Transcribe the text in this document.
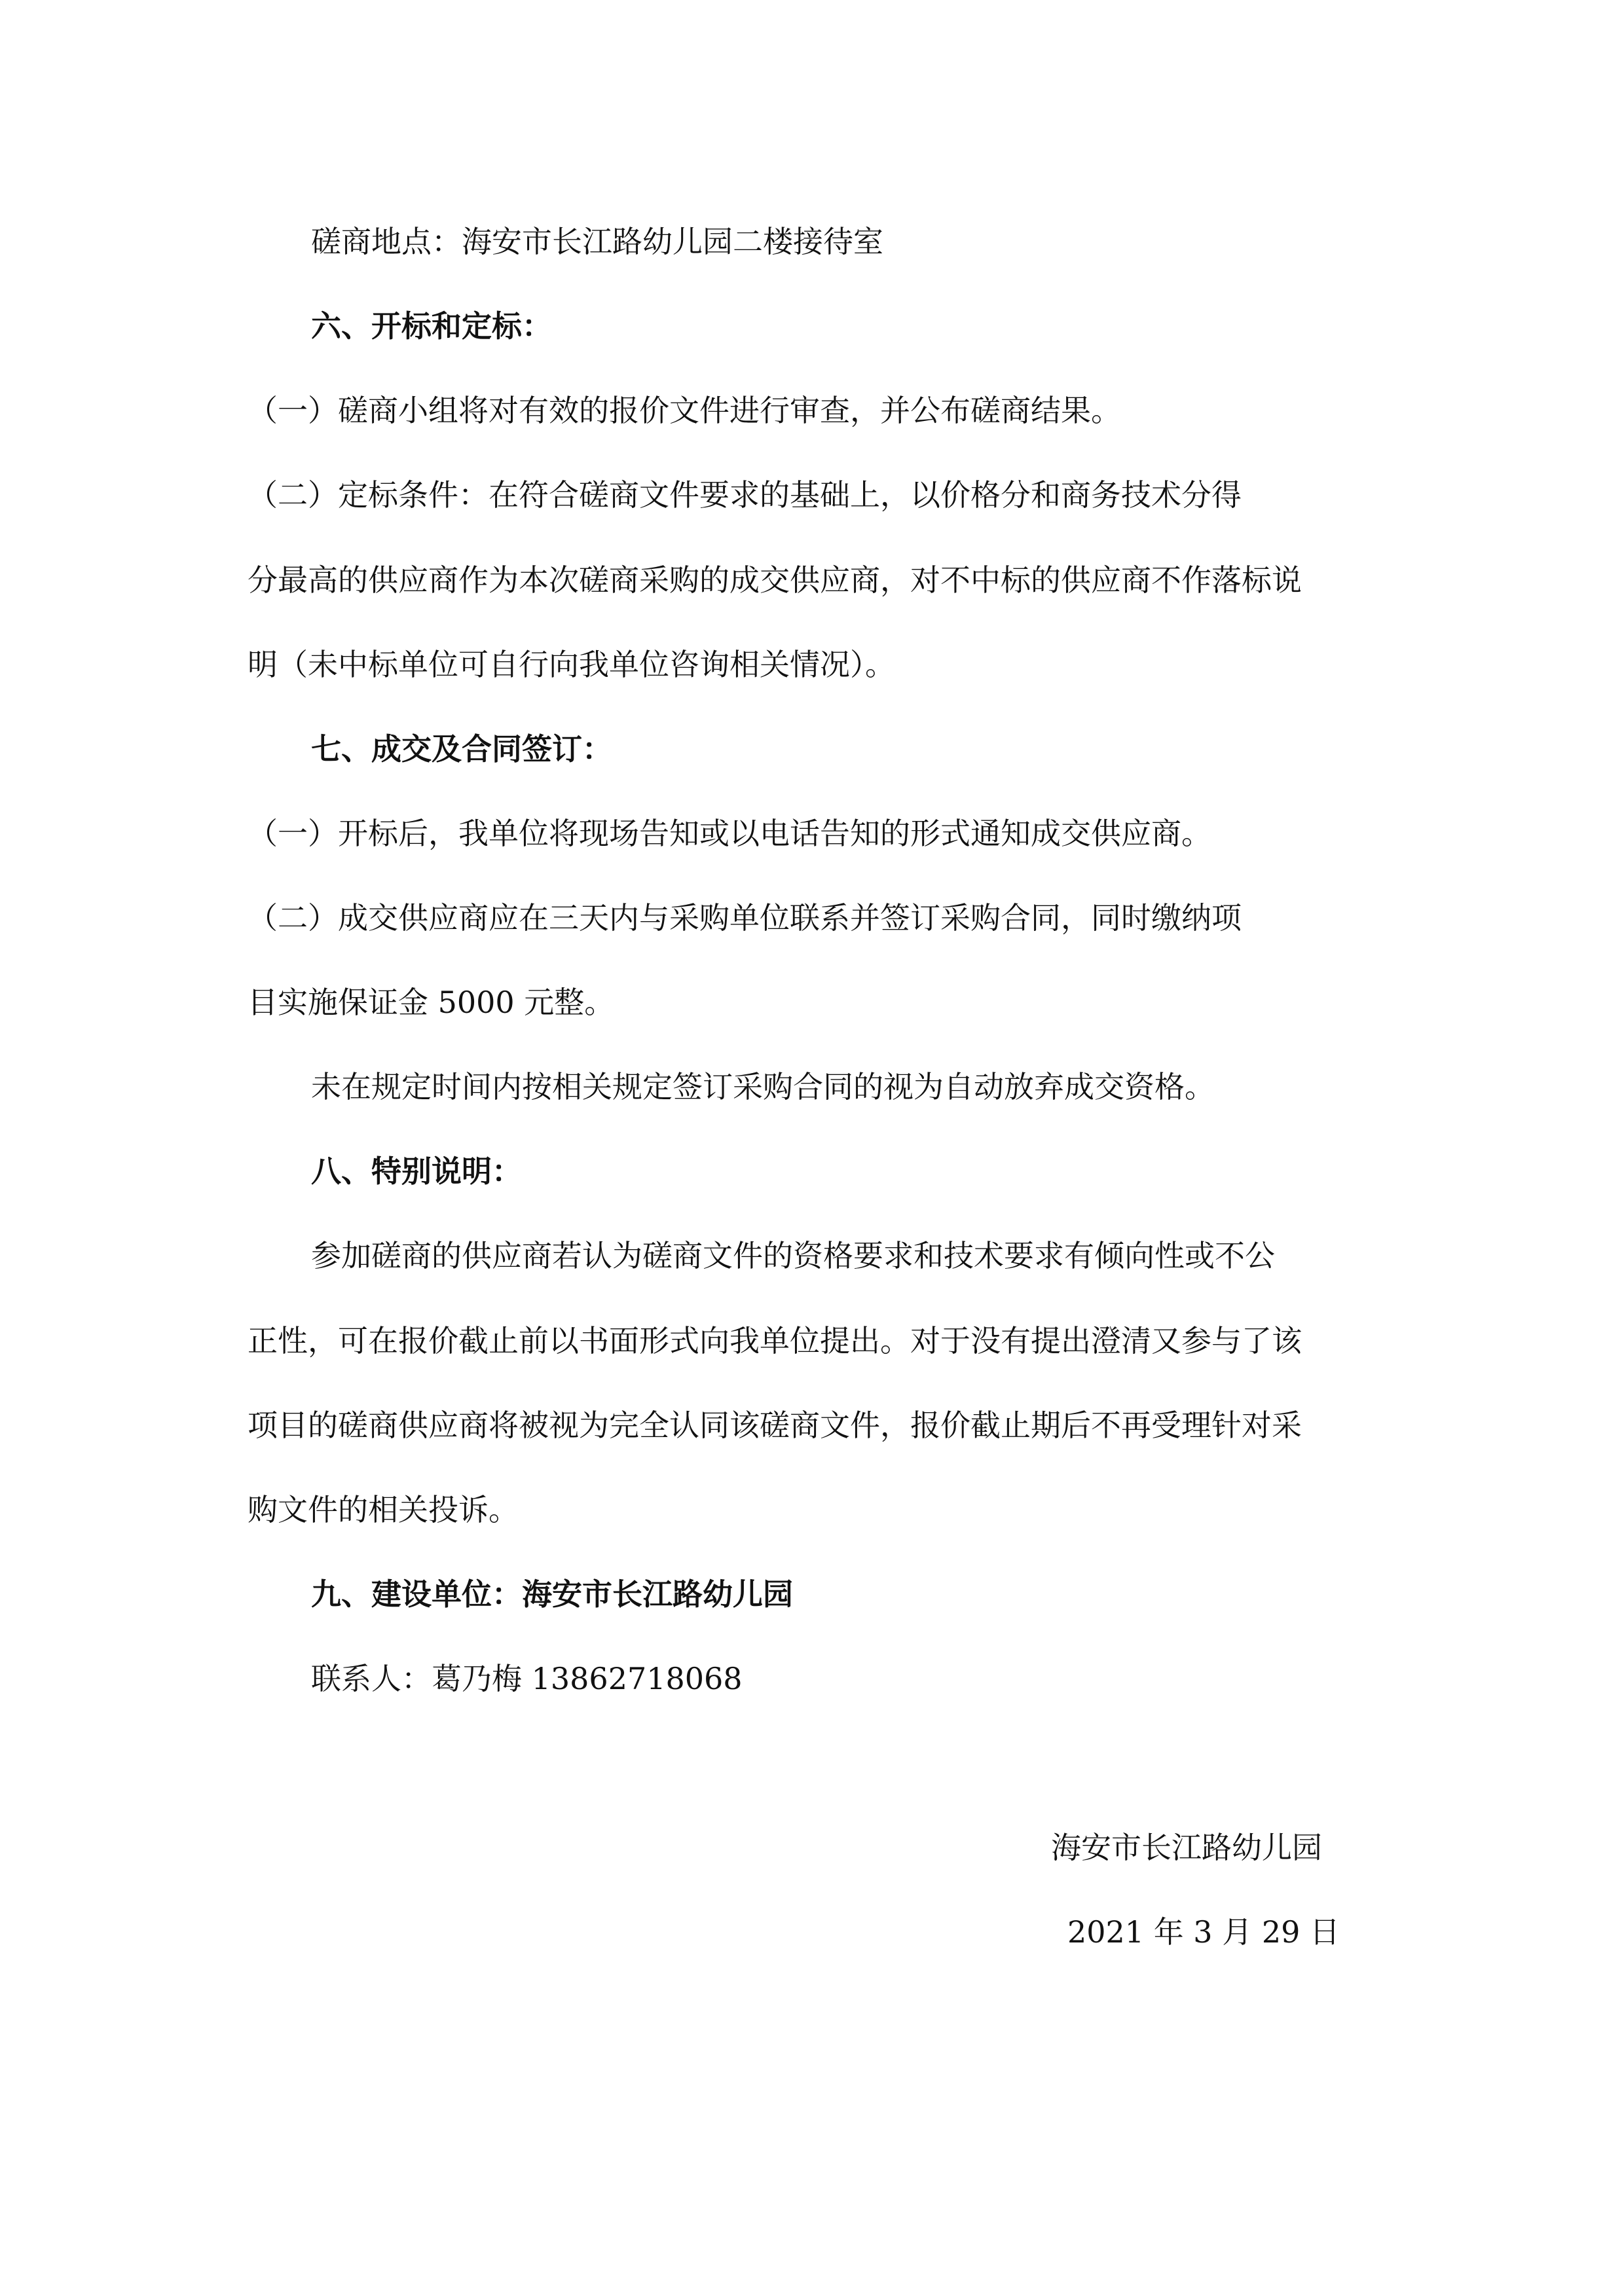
磋商地点：海安市长江路幼儿园二楼接待室
六、开标和定标：
（一）磋商小组将对有效的报价文件进行审查，并公布磋商结果。
（二）定标条件：在符合磋商文件要求的基础上，以价格分和商务技术分得
分最高的供应商作为本次磋商采购的成交供应商，对不中标的供应商不作落标说
明（未中标单位可自行向我单位咨询相关情况）。
七、成交及合同签订：
（一）开标后，我单位将现场告知或以电话告知的形式通知成交供应商。
（二）成交供应商应在三天内与采购单位联系并签订采购合同，同时缴纳项
目实施保证金 5000 元整。
未在规定时间内按相关规定签订采购合同的视为自动放弃成交资格。
八、特别说明：
参加磋商的供应商若认为磋商文件的资格要求和技术要求有倾向性或不公
正性，可在报价截止前以书面形式向我单位提出。对于没有提出澄清又参与了该
项目的磋商供应商将被视为完全认同该磋商文件，报价截止期后不再受理针对采
购文件的相关投诉。
九、建设单位：海安市长江路幼儿园
联系人：葛乃梅 13862718068
海安市长江路幼儿园
2021 年 3 月 29 日
